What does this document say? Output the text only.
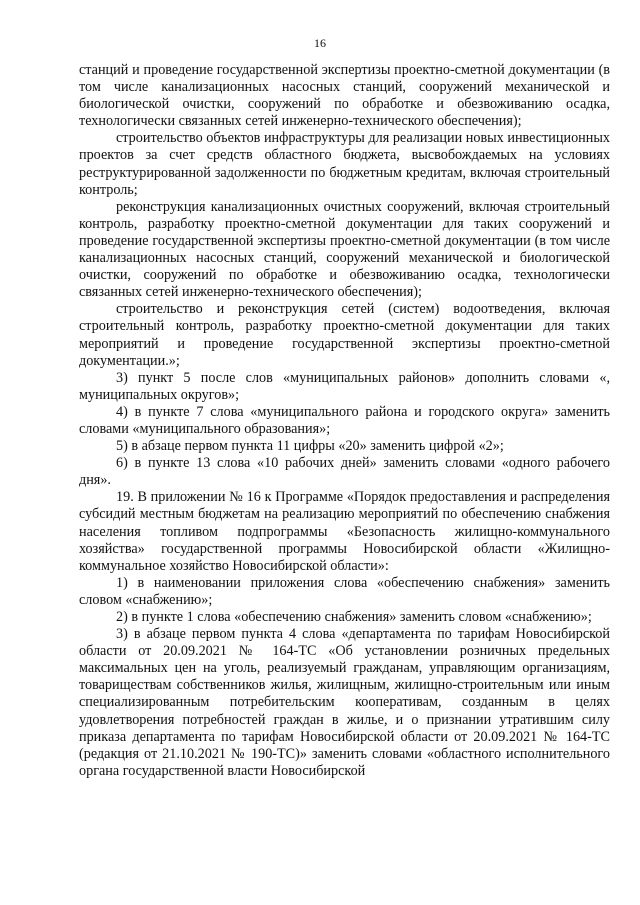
16

станций и проведение государственной экспертизы проектно-сметной документации (в том числе канализационных насосных станций, сооружений механической и биологической очистки, сооружений по обработке и обезвоживанию осадка, технологически связанных сетей инженерно-технического обеспечения);

строительство объектов инфраструктуры для реализации новых инвестиционных проектов за счет средств областного бюджета, высвобождаемых на условиях реструктурированной задолженности по бюджетным кредитам, включая строительный контроль;

реконструкция канализационных очистных сооружений, включая строительный контроль, разработку проектно-сметной документации для таких сооружений и проведение государственной экспертизы проектно-сметной документации (в том числе канализационных насосных станций, сооружений механической и биологической очистки, сооружений по обработке и обезвоживанию осадка, технологически связанных сетей инженерно-технического обеспечения);

строительство и реконструкция сетей (систем) водоотведения, включая строительный контроль, разработку проектно-сметной документации для таких мероприятий и проведение государственной экспертизы проектно-сметной документации.»;

3) пункт 5 после слов «муниципальных районов» дополнить словами «, муниципальных округов»;

4) в пункте 7 слова «муниципального района и городского округа» заменить словами «муниципального образования»;

5) в абзаце первом пункта 11 цифры «20» заменить цифрой «2»;

6) в пункте 13 слова «10 рабочих дней» заменить словами «одного рабочего дня».

19. В приложении № 16 к Программе «Порядок предоставления и распределения субсидий местным бюджетам на реализацию мероприятий по обеспечению снабжения населения топливом подпрограммы «Безопасность жилищно-коммунального хозяйства» государственной программы Новосибирской области «Жилищно-коммунальное хозяйство Новосибирской области»:

1) в наименовании приложения слова «обеспечению снабжения» заменить словом «снабжению»;

2) в пункте 1 слова «обеспечению снабжения» заменить словом «снабжению»;

3) в абзаце первом пункта 4 слова «департамента по тарифам Новосибирской области от 20.09.2021 № 164-ТС «Об установлении розничных предельных максимальных цен на уголь, реализуемый гражданам, управляющим организациям, товариществам собственников жилья, жилищным, жилищно-строительным или иным специализированным потребительским кооперативам, созданным в целях удовлетворения потребностей граждан в жилье, и о признании утратившим силу приказа департамента по тарифам Новосибирской области от 20.09.2021 № 164-ТС (редакция от 21.10.2021 № 190-ТС)» заменить словами «областного исполнительного органа государственной власти Новосибирской
